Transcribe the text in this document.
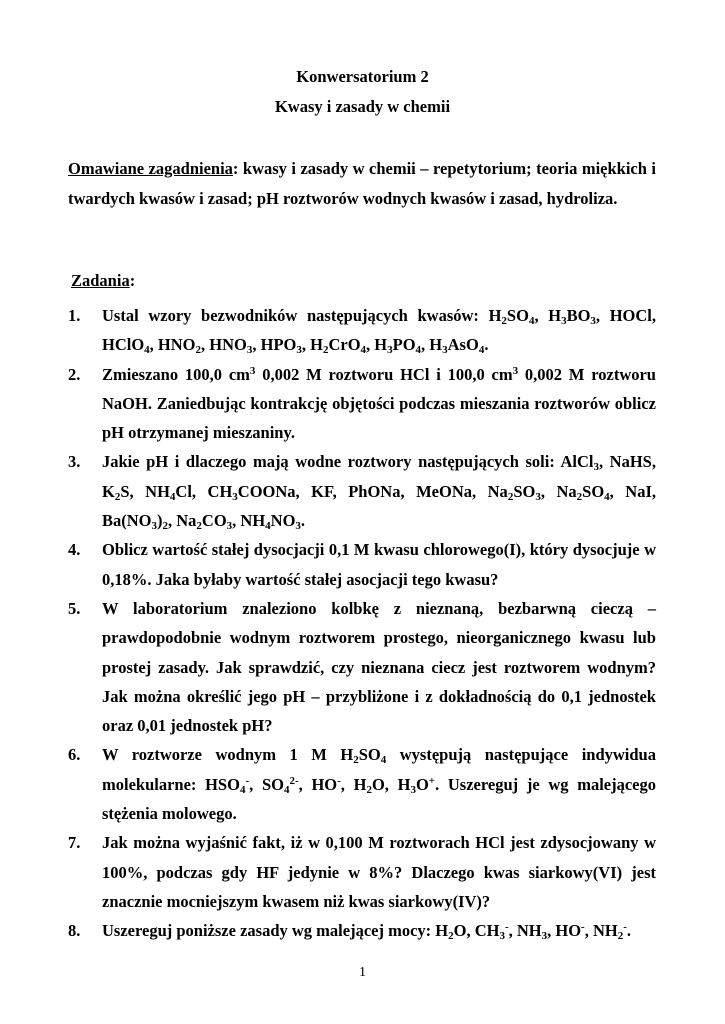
Konwersatorium 2
Kwasy i zasady w chemii
Omawiane zagadnienia: kwasy i zasady w chemii – repetytorium; teoria miękkich i twardych kwasów i zasad; pH roztworów wodnych kwasów i zasad, hydroliza.
Zadania:
1. Ustal wzory bezwodników następujących kwasów: $H_2SO_4$, $H_3BO_3$, HOCl, HClO$_4$, $HNO_2$, $HNO_3$, $HPO_3$, $H_2CrO_4$, $H_3PO_4$, $H_3AsO_4$.
2. Zmieszano 100,0 $cm^3$ 0,002 M roztworu HCl i 100,0 $cm^3$ 0,002 M roztworu NaOH. Zaniedbując kontrakcję objętości podczas mieszania roztworów oblicz pH otrzymanej mieszaniny.
3. Jakie pH i dlaczego mają wodne roztwory następujących soli: AlCl$_3$, NaHS, $K_2S$, $NH_4Cl$, $CH_3COONa$, KF, PhONa, MeONa, $Na_2SO_3$, $Na_2SO_4$, NaI, $Ba(NO_3)_2$, $Na_2CO_3$, $NH_4NO_3$.
4. Oblicz wartość stałej dysocjacji 0,1 M kwasu chlorowego(I), który dysocjuje w 0,18%. Jaka byłaby wartość stałej asocjacji tego kwasu?
5. W laboratorium znaleziono kolbkę z nieznaną, bezbarwną cieczą – prawdopodobnie wodnym roztworem prostego, nieorganicznego kwasu lub prostej zasady. Jak sprawdzić, czy nieznana ciecz jest roztworem wodnym? Jak można określić jego pH – przybliżone i z dokładnością do 0,1 jednostek oraz 0,01 jednostek pH?
6. W roztworze wodnym 1 M $H_2SO_4$ występują następujące indywidua molekularne: $HSO_4^-$, $SO_4^{2-}$, HO-, $H_2O$, $H_3O^+$. Uszereguj je wg malejącego stężenia molowego.
7. Jak można wyjaśnić fakt, iż w 0,100 M roztworach HCl jest zdysocjowany w 100%, podczas gdy HF jedynie w 8%? Dlaczego kwas siarkowy(VI) jest znacznie mocniejszym kwasem niż kwas siarkowy(IV)?
8. Uszereguj poniższe zasady wg malejącej mocy: $H_2O$, $CH_3^-$, $NH_3$, HO-, $NH_2^-$.
1
